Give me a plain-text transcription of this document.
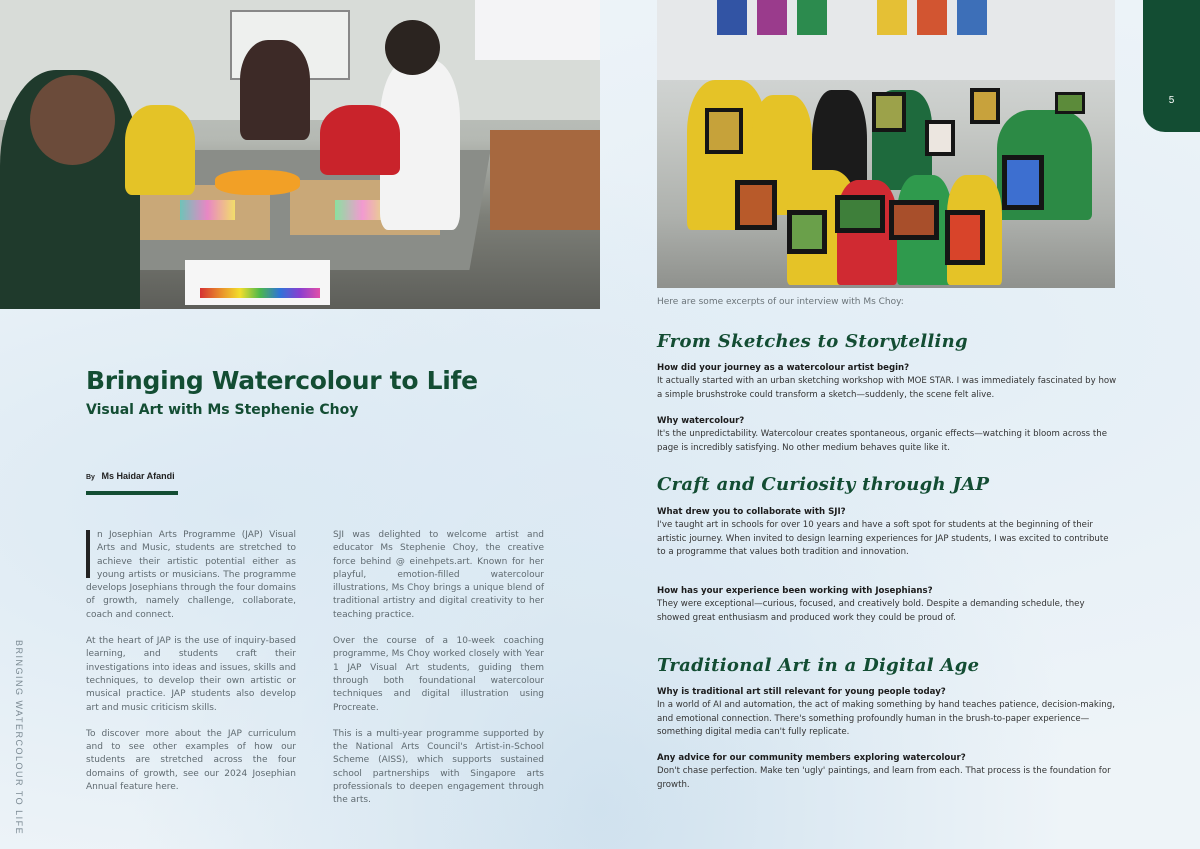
5
BRINGING WATERCOLOUR TO LIFE
Bringing Watercolour to Life
Visual Art with Ms Stephenie Choy
By Ms Haidar Afandi

n Josephian Arts Programme (JAP) Visual Arts and Music, students are stretched to achieve their artistic potential either as young artists or musicians. The programme develops Josephians through the four domains of growth, namely challenge, collaborate, coach and connect.

At the heart of JAP is the use of inquiry-based learning, and students craft their investigations into ideas and issues, skills and techniques, to develop their own artistic or musical practice. JAP students also develop art and music criticism skills.

To discover more about the JAP curriculum and to see other examples of how our students are stretched across the four domains of growth, see our 2024 Josephian Annual feature here.

SJI was delighted to welcome artist and educator Ms Stephenie Choy, the creative force behind @ einehpets.art. Known for her playful, emotion-filled watercolour illustrations, Ms Choy brings a unique blend of traditional artistry and digital creativity to her teaching practice.

Over the course of a 10-week coaching programme, Ms Choy worked closely with Year 1 JAP Visual Art students, guiding them through both foundational watercolour techniques and digital illustration using Procreate.

This is a multi-year programme supported by the National Arts Council's Artist-in-School Scheme (AISS), which supports sustained school partnerships with Singapore arts professionals to deepen engagement through the arts.

Here are some excerpts of our interview with Ms Choy:
From Sketches to Storytelling
How did your journey as a watercolour artist begin?
It actually started with an urban sketching workshop with MOE STAR. I was immediately fascinated by how a simple brushstroke could transform a sketch—suddenly, the scene felt alive.
Why watercolour?
It's the unpredictability. Watercolour creates spontaneous, organic effects—watching it bloom across the page is incredibly satisfying. No other medium behaves quite like it.
Craft and Curiosity through JAP
What drew you to collaborate with SJI?
I've taught art in schools for over 10 years and have a soft spot for students at the beginning of their artistic journey. When invited to design learning experiences for JAP students, I was excited to contribute to a programme that values both tradition and innovation.
How has your experience been working with Josephians?
They were exceptional—curious, focused, and creatively bold. Despite a demanding schedule, they showed great enthusiasm and produced work they could be proud of.
Traditional Art in a Digital Age
Why is traditional art still relevant for young people today?
In a world of AI and automation, the act of making something by hand teaches patience, decision-making, and emotional connection. There's something profoundly human in the brush-to-paper experience—something digital media can't fully replicate.
Any advice for our community members exploring watercolour?
Don't chase perfection. Make ten 'ugly' paintings, and learn from each. That process is the foundation for growth.
